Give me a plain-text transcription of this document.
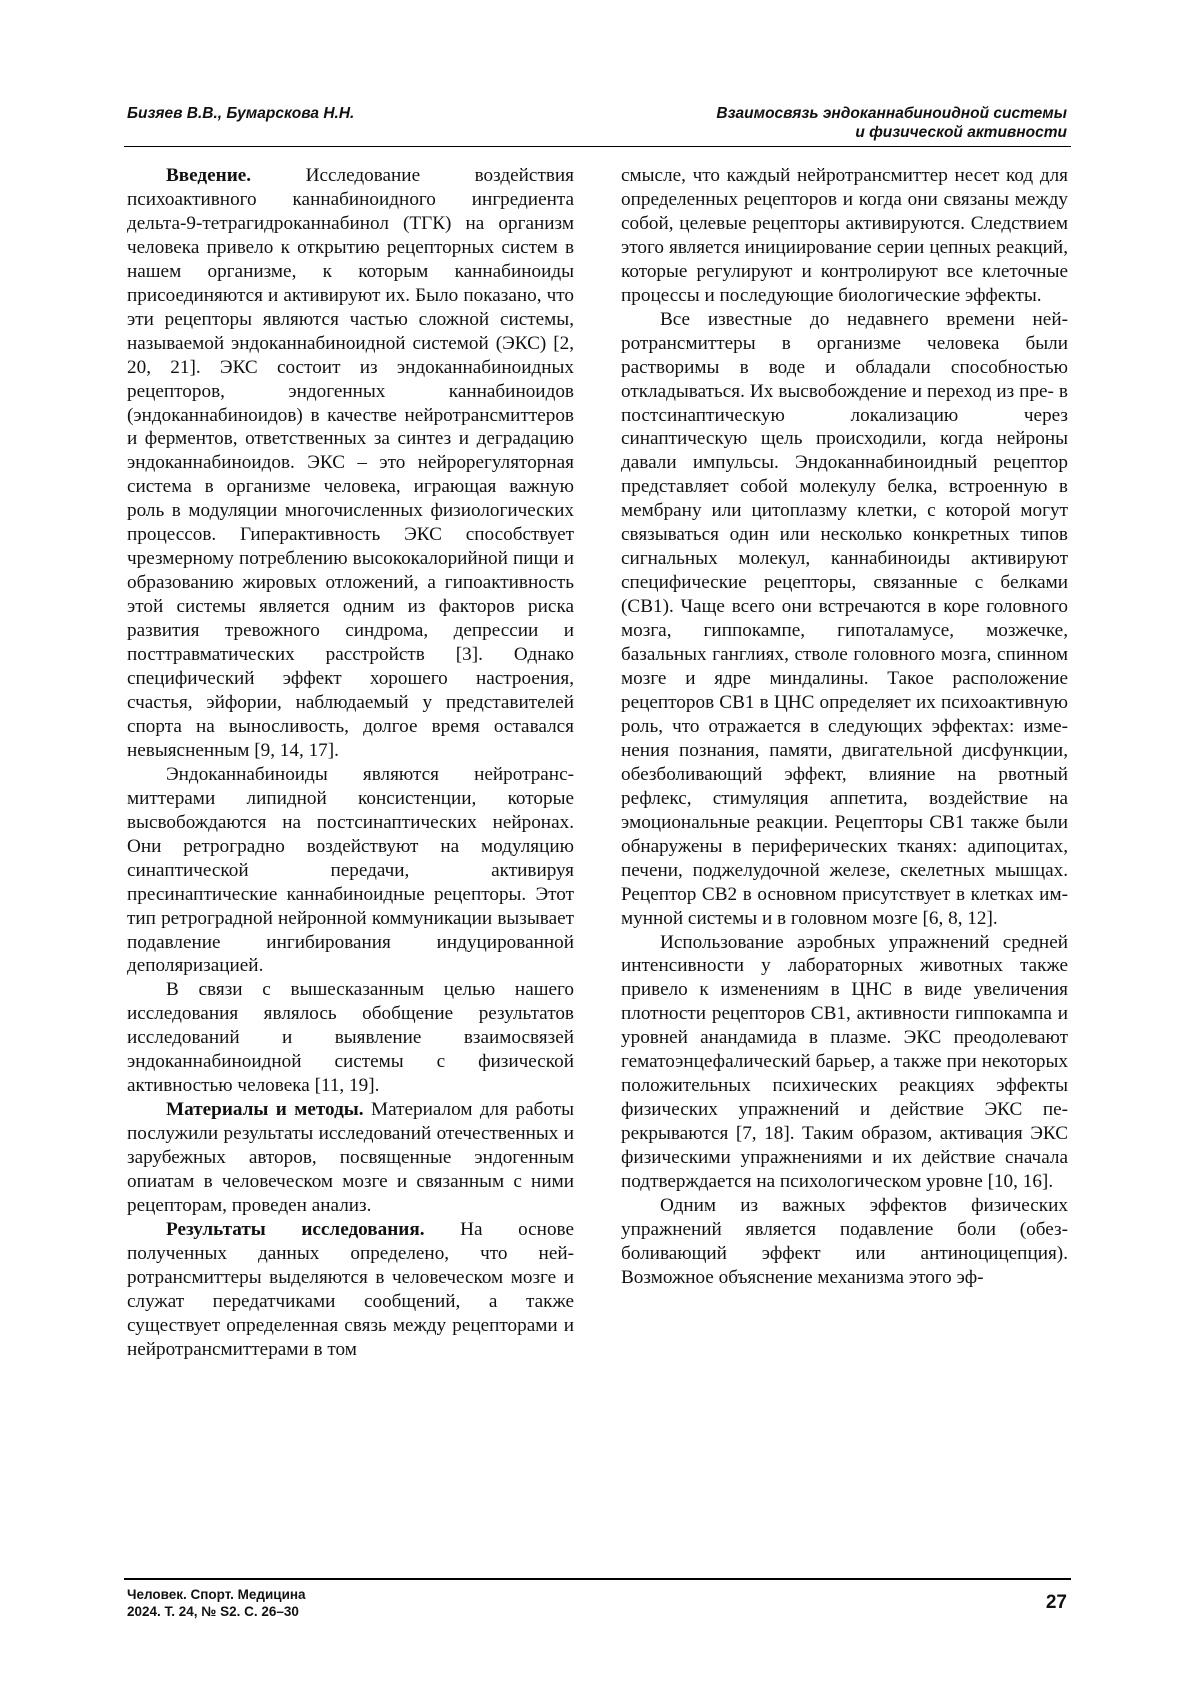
Бизяев В.В., Бумарскова Н.Н.	Взаимосвязь эндоканнабиноидной системы
и физической активности

Введение. Исследование воздействия психоактивного каннабиноидного ингредиента дельта-9-тетрагидроканнабинол (ТГК) на организм человека привело к открытию рецепторных систем в нашем организме, к которым каннабиноиды присоединяются и активируют их. Было показано, что эти рецепторы являются частью сложной системы, называемой эндоканнабиноидной системой (ЭКС) [2, 20, 21]. ЭКС состоит из эндоканнабиноидных рецепторов, эндогенных каннабиноидов (эндоканнабиноидов) в качестве нейротрансмиттеров и ферментов, ответственных за синтез и деградацию эндоканнабиноидов. ЭКС – это нейрорегуляторная система в организме человека, играющая важную роль в модуляции многочисленных физиологических процессов. Гиперактивность ЭКС способствует чрезмерному потреблению высококалорийной пищи и образованию жировых отложений, а гипоактивность этой системы является одним из факторов риска развития тревожного синдрома, депрессии и посттравматических расстройств [3]. Однако специфический эффект хорошего настроения, счастья, эйфории, наблюдаемый у представителей спорта на выносливость, долгое время оставался невыясненным [9, 14, 17].

Эндоканнабиноиды являются нейротрансмиттерами липидной консистенции, которые высвобождаются на постсинаптических нейронах. Они ретроградно воздействуют на модуляцию синаптической передачи, активируя пресинаптические каннабиноидные рецепторы. Этот тип ретроградной нейронной коммуникации вызывает подавление ингибирования индуцированной деполяризацией.

В связи с вышесказанным целью нашего исследования являлось обобщение результатов исследований и выявление взаимосвязей эндоканнабиноидной системы с физической активностью человека [11, 19].

Материалы и методы. Материалом для работы послужили результаты исследований отечественных и зарубежных авторов, посвященные эндогенным опиатам в человеческом мозге и связанным с ними рецепторам, проведен анализ.

Результаты исследования. На основе полученных данных определено, что нейротрансмиттеры выделяются в человеческом мозге и служат передатчиками сообщений, а также существует определенная связь между рецепторами и нейротрансмиттерами в том

смысле, что каждый нейротрансмиттер несет код для определенных рецепторов и когда они связаны между собой, целевые рецепторы активируются. Следствием этого является инициирование серии цепных реакций, которые регулируют и контролируют все клеточные процессы и последующие биологические эффекты.

Все известные до недавнего времени нейротрансмиттеры в организме человека были растворимы в воде и обладали способностью откладываться. Их высвобождение и переход из пре- в постсинаптическую локализацию через синаптическую щель происходили, когда нейроны давали импульсы. Эндоканнабиноидный рецептор представляет собой молекулу белка, встроенную в мембрану или цитоплазму клетки, с которой могут связываться один или несколько конкретных типов сигнальных молекул, каннабиноиды активируют специфические рецепторы, связанные с белками (CB1). Чаще всего они встречаются в коре головного мозга, гиппокампе, гипоталамусе, мозжечке, базальных ганглиях, стволе головного мозга, спинном мозге и ядре миндалины. Такое расположение рецепторов CB1 в ЦНС определяет их психоактивную роль, что отражается в следующих эффектах: изменения познания, памяти, двигательной дисфункции, обезболивающий эффект, влияние на рвотный рефлекс, стимуляция аппетита, воздействие на эмоциональные реакции. Рецепторы CB1 также были обнаружены в периферических тканях: адипоцитах, печени, поджелудочной железе, скелетных мышцах. Рецептор CB2 в основном присутствует в клетках иммунной системы и в головном мозге [6, 8, 12].

Использование аэробных упражнений средней интенсивности у лабораторных животных также привело к изменениям в ЦНС в виде увеличения плотности рецепторов CB1, активности гиппокампа и уровней анандамида в плазме. ЭКС преодолевают гематоэнцефалический барьер, а также при некоторых положительных психических реакциях эффекты физических упражнений и действие ЭКС перекрываются [7, 18]. Таким образом, активация ЭКС физическими упражнениями и их действие сначала подтверждается на психологическом уровне [10, 16].

Одним из важных эффектов физических упражнений является подавление боли (обезболивающий эффект или антиноцицепция). Возможное объяснение механизма этого эф-

Человек. Спорт. Медицина
2024. Т. 24, № S2. С. 26–30	27
